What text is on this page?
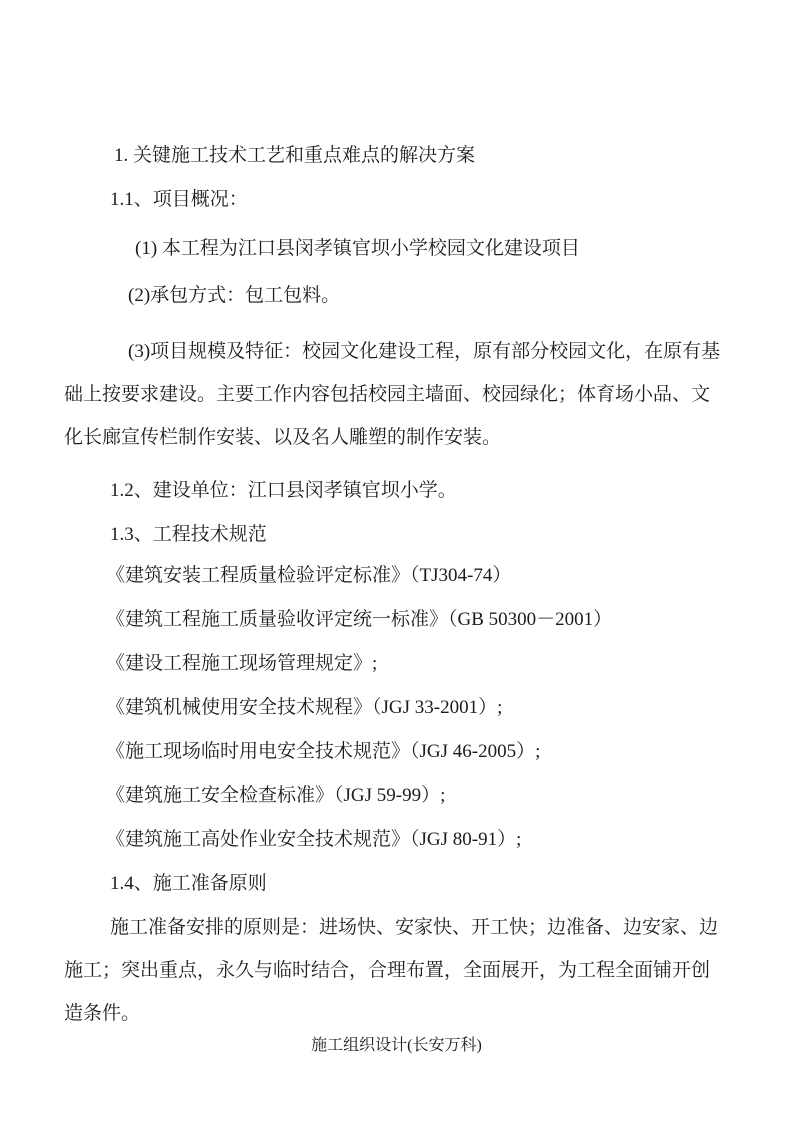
1. 关键施工技术工艺和重点难点的解决方案
1.1、项目概况：
(1) 本工程为江口县闵孝镇官坝小学校园文化建设项目
(2)承包方式：包工包料。
(3)项目规模及特征：校园文化建设工程，原有部分校园文化，在原有基
础上按要求建设。主要工作内容包括校园主墙面、校园绿化；体育场小品、文
化长廊宣传栏制作安装、以及名人雕塑的制作安装。
1.2、建设单位：江口县闵孝镇官坝小学。
1.3、工程技术规范
《建筑安装工程质量检验评定标准》（TJ304-74）
《建筑工程施工质量验收评定统一标准》（GB 50300－2001）
《建设工程施工现场管理规定》;
《建筑机械使用安全技术规程》（JGJ 33-2001）;
《施工现场临时用电安全技术规范》（JGJ 46-2005）;
《建筑施工安全检查标准》（JGJ 59-99）;
《建筑施工高处作业安全技术规范》（JGJ 80-91）;
1.4、施工准备原则
施工准备安排的原则是：进场快、安家快、开工快；边准备、边安家、边
施工；突出重点，永久与临时结合，合理布置，全面展开，为工程全面铺开创
造条件。
施工组织设计(长安万科)
